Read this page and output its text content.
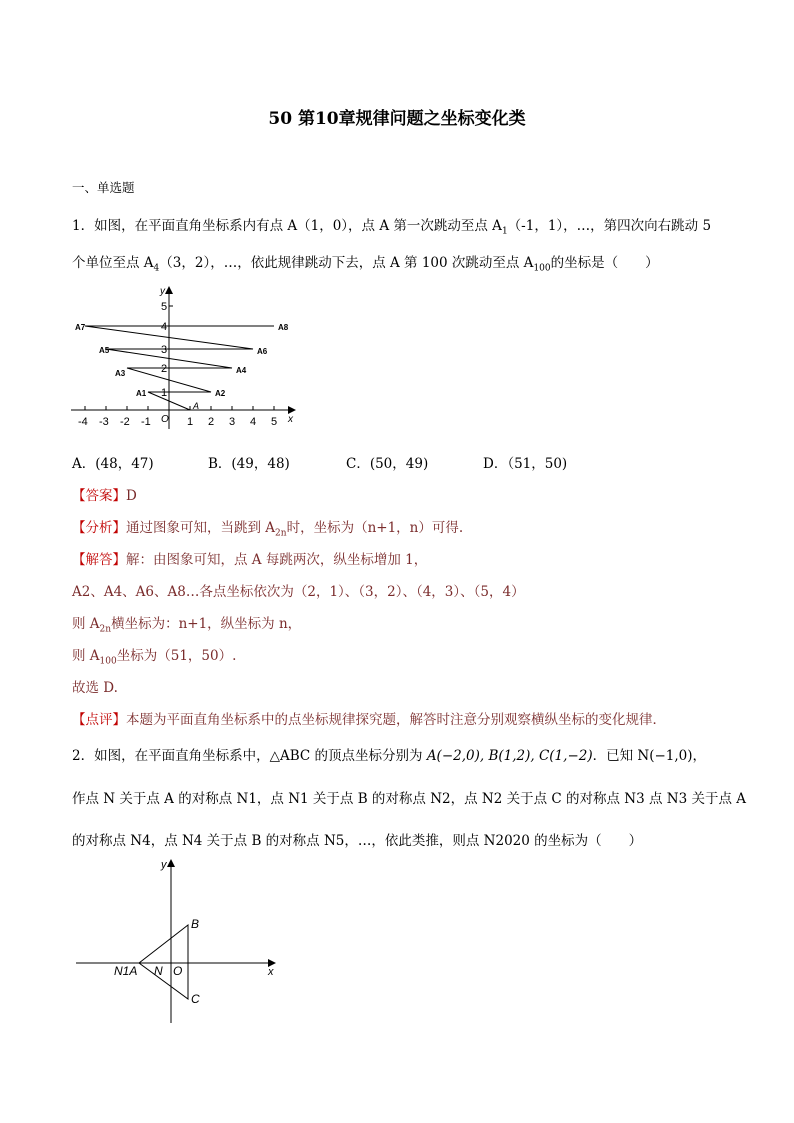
50 第10章规律问题之坐标变化类
一、单选题
1．如图，在平面直角坐标系内有点 A（1，0），点 A 第一次跳动至点 $A_1(-1$，1），…，第四次向右跳动 5
个单位至点 $A_4(3$，2），…，依此规律跳动下去，点 A 第 100 次跳动至点 $A_{100}$的坐标是（　　）
y
x
O
A
5
4
3
2
1
-4 -3 -2 -1	1 2 3 4 5
A1	A2
A3	A4
A5	A6
A7	A8
A．(48，47)	B．(49，48)	C．(50，49)	D．（51，50)
【答案】D
【分析】通过图象可知，当跳到 $A_{2n}$时，坐标为（n+1，n）可得.
【解答】解：由图象可知，点 A 每跳两次，纵坐标增加 1，
A2、A4、A6、A8…各点坐标依次为（2，1）、（3，2）、（4，3）、（5，4）
则 $A_{2n}$横坐标为：n+1，纵坐标为 n，
则 $A_{100}$坐标为（51，50）.
故选 D.
【点评】本题为平面直角坐标系中的点坐标规律探究题，解答时注意分别观察横纵坐标的变化规律．
2．如图，在平面直角坐标系中，△ABC 的顶点坐标分别为 A(−2,0), B(1,2), C(1,−2)．已知 N(−1,0)，
作点 N 关于点 A 的对称点 N1，点 N1 关于点 B 的对称点 N2，点 N2 关于点 C 的对称点 N3 点 N3 关于点 A
的对称点 N4，点 N4 关于点 B 的对称点 N5，…，依此类推，则点 N2020 的坐标为（　　）
y
x
B
C
N1A N O
